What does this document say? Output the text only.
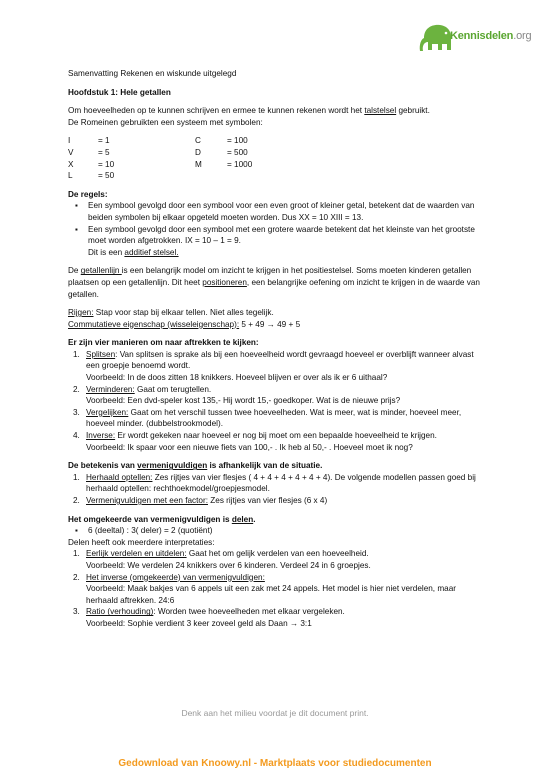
Kennisdelen.org

Samenvatting Rekenen en wiskunde uitgelegd

Hoofdstuk 1: Hele getallen

Om hoeveelheden op te kunnen schrijven en ermee te kunnen rekenen wordt het talstelsel gebruikt.

De Romeinen gebruikten een systeem met symbolen:

I	= 1	C	= 100
V	= 5	D	= 500
X	= 10	M	= 1000
L	= 50

De regels:

▪ Een symbool gevolgd door een symbool voor een even groot of kleiner getal, betekent dat de waarden van beiden symbolen bij elkaar opgeteld moeten worden. Dus XX = 10 XIII = 13.
▪ Een symbool gevolgd door een symbool met een grotere waarde betekent dat het kleinste van het grootste moet worden afgetrokken. IX = 10 – 1 = 9.
Dit is een additief stelsel.

De getallenlijn is een belangrijk model om inzicht te krijgen in het positiestelsel. Soms moeten kinderen getallen plaatsen op een getallenlijn. Dit heet positioneren, een belangrijke oefening om inzicht te krijgen in de waarde van getallen.

Rijgen: Stap voor stap bij elkaar tellen. Niet alles tegelijk.

Commutatieve eigenschap (wisseleigenschap): 5 + 49 → 49 + 5

Er zijn vier manieren om naar aftrekken te kijken:

1. Splitsen: Van splitsen is sprake als bij een hoeveelheid wordt gevraagd hoeveel er overblijft wanneer alvast een groepje benoemd wordt.
Voorbeeld: In de doos zitten 18 knikkers. Hoeveel blijven er over als ik er 6 uithaal?
2. Verminderen: Gaat om terugtellen.
Voorbeeld: Een dvd-speler kost 135,- Hij wordt 15,- goedkoper. Wat is de nieuwe prijs?
3. Vergelijken: Gaat om het verschil tussen twee hoeveelheden. Wat is meer, wat is minder, hoeveel meer, hoeveel minder. (dubbelstrookmodel).
4. Inverse: Er wordt gekeken naar hoeveel er nog bij moet om een bepaalde hoeveelheid te krijgen.
Voorbeeld: Ik spaar voor een nieuwe fiets van 100,- . Ik heb al 50,- . Hoeveel moet ik nog?

De betekenis van vermenigvuldigen is afhankelijk van de situatie.

1. Herhaald optellen: Zes rijtjes van vier flesjes ( 4 + 4 + 4 + 4 + 4 + 4). De volgende modellen passen goed bij herhaald optellen: rechthoekmodel/groepjesmodel.
2. Vermenigvuldigen met een factor: Zes rijtjes van vier flesjes (6 x 4)

Het omgekeerde van vermenigvuldigen is delen.

▪ 6 (deeltal) : 3( deler) = 2 (quotiënt)

Delen heeft ook meerdere interpretaties:

1. Eerlijk verdelen en uitdelen: Gaat het om gelijk verdelen van een hoeveelheid.
Voorbeeld: We verdelen 24 knikkers over 6 kinderen. Verdeel 24 in 6 groepjes.
2. Het inverse (omgekeerde) van vermenigvuldigen:
Voorbeeld: Maak bakjes van 6 appels uit een zak met 24 appels. Het model is hier niet verdelen, maar herhaald aftrekken. 24:6
3. Ratio (verhouding): Worden twee hoeveelheden met elkaar vergeleken.
Voorbeeld: Sophie verdient 3 keer zoveel geld als Daan → 3:1
Denk aan het milieu voordat je dit document print.
Gedownload van Knoowy.nl - Marktplaats voor studiedocumenten
